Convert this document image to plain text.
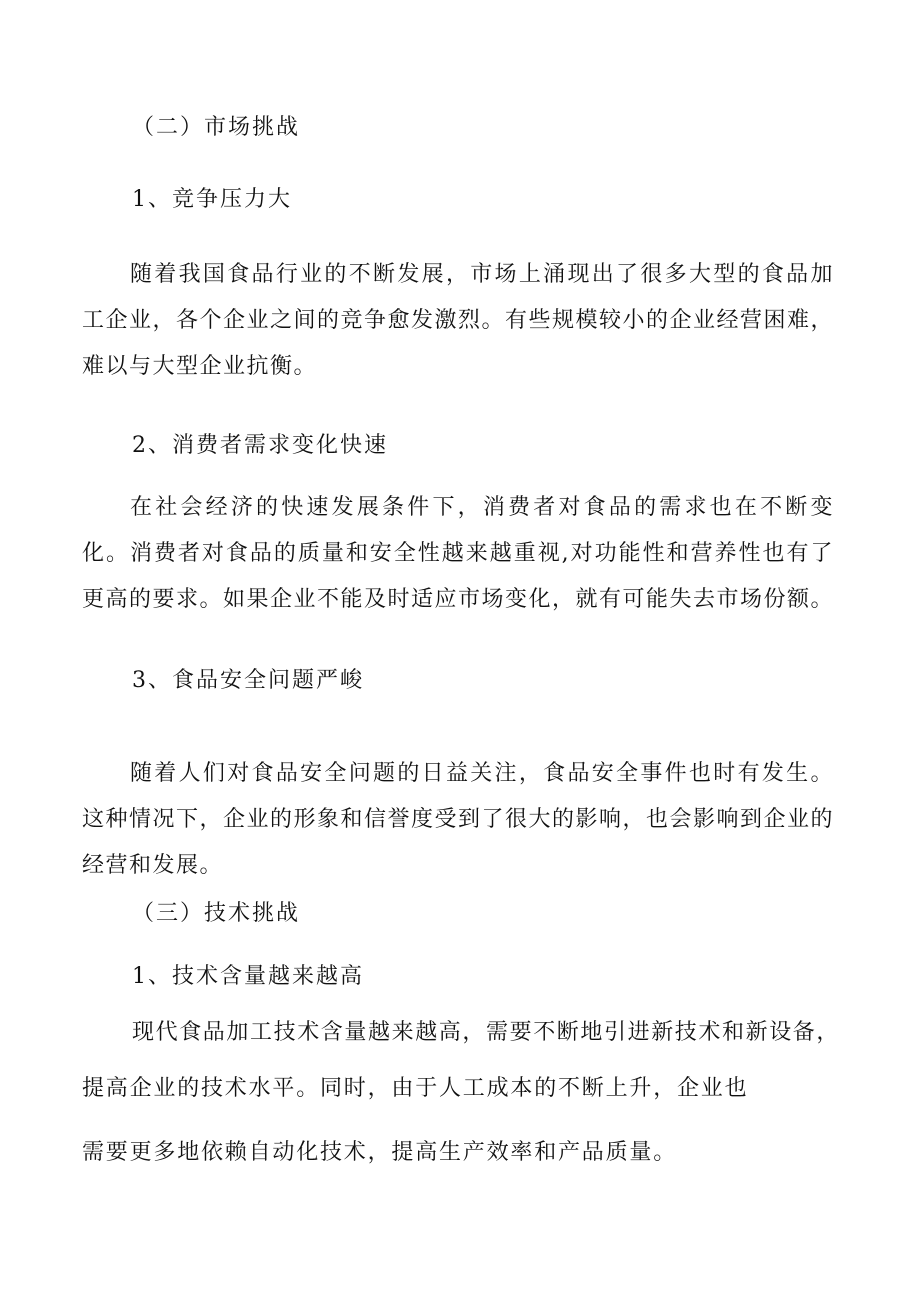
（二）市场挑战
1、竞争压力大
随着我国食品行业的不断发展，市场上涌现出了很多大型的食品加工企业，各个企业之间的竞争愈发激烈。有些规模较小的企业经营困难，难以与大型企业抗衡。
2、消费者需求变化快速
在社会经济的快速发展条件下，消费者对食品的需求也在不断变化。消费者对食品的质量和安全性越来越重视,对功能性和营养性也有了更高的要求。如果企业不能及时适应市场变化，就有可能失去市场份额。
3、食品安全问题严峻
随着人们对食品安全问题的日益关注，食品安全事件也时有发生。这种情况下，企业的形象和信誉度受到了很大的影响，也会影响到企业的经营和发展。
（三）技术挑战
1、技术含量越来越高
现代食品加工技术含量越来越高，需要不断地引进新技术和新设备，
提高企业的技术水平。同时，由于人工成本的不断上升，企业也
需要更多地依赖自动化技术，提高生产效率和产品质量。
